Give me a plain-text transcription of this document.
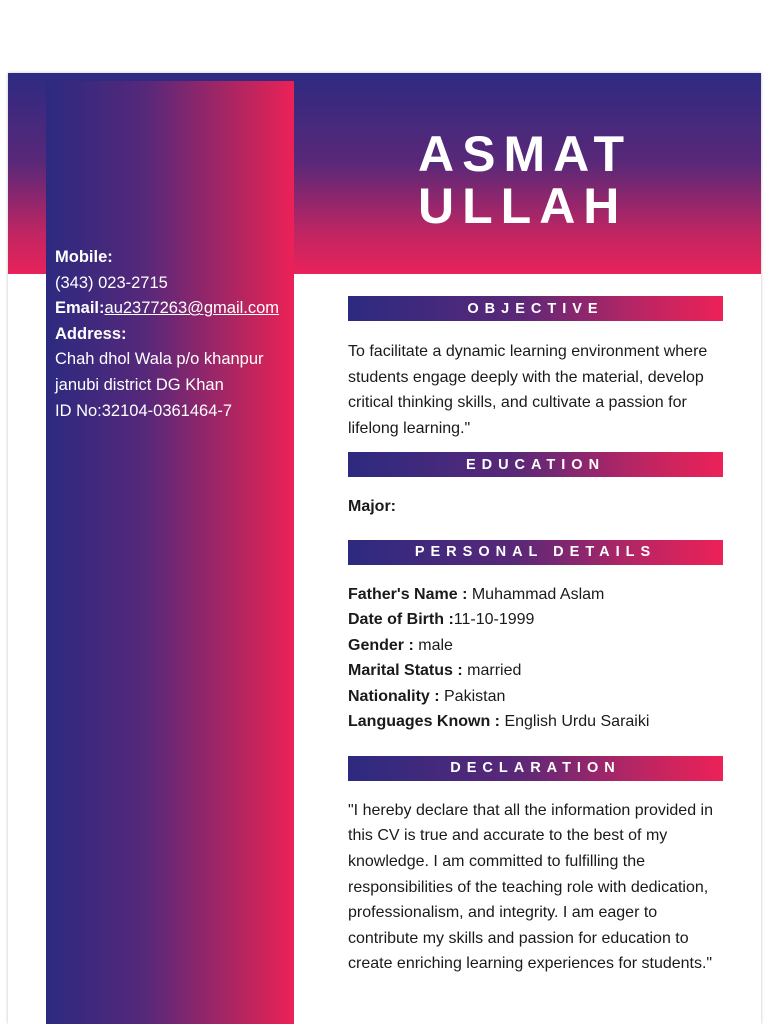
ASMAT
ULLAH
Mobile:
(343) 023-2715
Email:au2377263@gmail.com
Address:
Chah dhol Wala p/o khanpur
janubi district DG Khan
ID No:32104-0361464-7
OBJECTIVE

To facilitate a dynamic learning environment where students engage deeply with the material, develop critical thinking skills, and cultivate a passion for lifelong learning."

EDUCATION
Major:
PERSONAL DETAILS
Father's Name : Muhammad Aslam
Date of Birth :11-10-1999
Gender : male
Marital Status : married
Nationality : Pakistan
Languages Known : English Urdu Saraiki
DECLARATION

"I hereby declare that all the information provided in this CV is true and accurate to the best of my knowledge. I am committed to fulfilling the responsibilities of the teaching role with dedication, professionalism, and integrity. I am eager to contribute my skills and passion for education to create enriching learning experiences for students."
